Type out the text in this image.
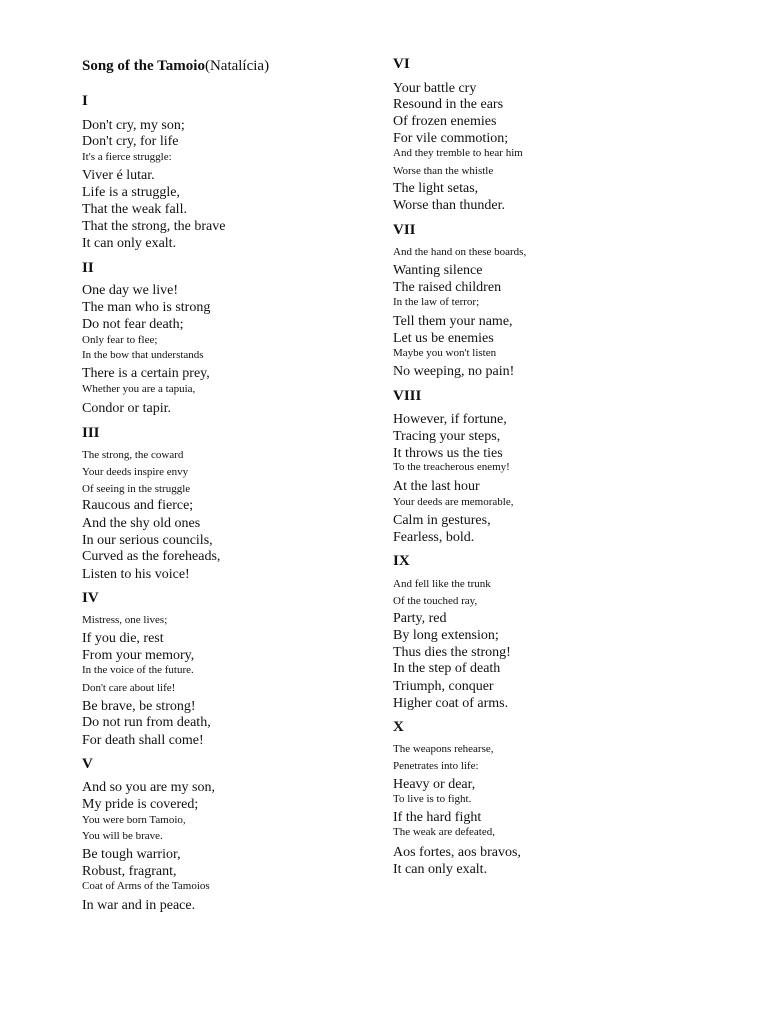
Song of the Tamoio(Natalícia)
I
Don't cry, my son;
Don't cry, for life
It's a fierce struggle:
Viver é lutar.
Life is a struggle,
That the weak fall.
That the strong, the brave
It can only exalt.
II
One day we live!
The man who is strong
Do not fear death;
Only fear to flee;
In the bow that understands
There is a certain prey,
Whether you are a tapuia,
Condor or tapir.
III
The strong, the coward
Your deeds inspire envy
Of seeing in the struggle
Raucous and fierce;
And the shy old ones
In our serious councils,
Curved as the foreheads,
Listen to his voice!
IV
Mistress, one lives;
If you die, rest
From your memory,
In the voice of the future.
Don't care about life!
Be brave, be strong!
Do not run from death,
For death shall come!
V
And so you are my son,
My pride is covered;
You were born Tamoio,
You will be brave.
Be tough warrior,
Robust, fragrant,
Coat of Arms of the Tamoios
In war and in peace.
VI
Your battle cry
Resound in the ears
Of frozen enemies
For vile commotion;
And they tremble to hear him
Worse than the whistle
The light setas,
Worse than thunder.
VII
And the hand on these boards,
Wanting silence
The raised children
In the law of terror;
Tell them your name,
Let us be enemies
Maybe you won't listen
No weeping, no pain!
VIII
However, if fortune,
Tracing your steps,
It throws us the ties
To the treacherous enemy!
At the last hour
Your deeds are memorable,
Calm in gestures,
Fearless, bold.
IX
And fell like the trunk
Of the touched ray,
Party, red
By long extension;
Thus dies the strong!
In the step of death
Triumph, conquer
Higher coat of arms.
X
The weapons rehearse,
Penetrates into life:
Heavy or dear,
To live is to fight.
If the hard fight
The weak are defeated,
Aos fortes, aos bravos,
It can only exalt.
